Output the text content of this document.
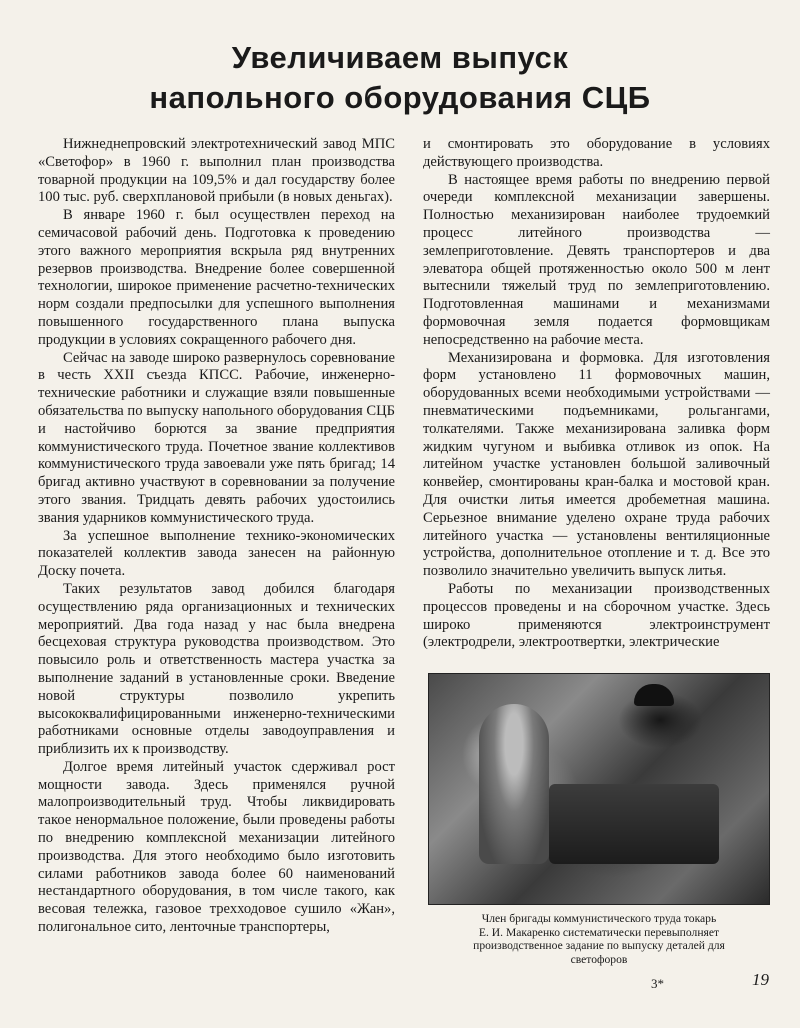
Увеличиваем выпуск
напольного оборудования СЦБ

Нижнеднепровский электротехнический завод МПС «Светофор» в 1960 г. выполнил план производства товарной продукции на 109,5% и дал государству более 100 тыс. руб. сверхплановой прибыли (в новых деньгах).

В январе 1960 г. был осуществлен переход на семичасовой рабочий день. Подготовка к проведению этого важного мероприятия вскрыла ряд внутренних резервов производства. Внедрение более совершенной технологии, широкое применение расчетно-технических норм создали предпосылки для успешного выполнения повышенного государственного плана выпуска продукции в условиях сокращенного рабочего дня.

Сейчас на заводе широко развернулось соревнование в честь XXII съезда КПСС. Рабочие, инженерно-технические работники и служащие взяли повышенные обязательства по выпуску напольного оборудования СЦБ и настойчиво борются за звание предприятия коммунистического труда. Почетное звание коллективов коммунистического труда завоевали уже пять бригад; 14 бригад активно участвуют в соревновании за получение этого звания. Тридцать девять рабочих удостоились звания ударников коммунистического труда.

За успешное выполнение технико-экономических показателей коллектив завода занесен на районную Доску почета.

Таких результатов завод добился благодаря осуществлению ряда организационных и технических мероприятий. Два года назад у нас была внедрена бесцеховая структура руководства производством. Это повысило роль и ответственность мастера участка за выполнение заданий в установленные сроки. Введение новой структуры позволило укрепить высококвалифицированными инженерно-техническими работниками основные отделы заводоуправления и приблизить их к производству.

Долгое время литейный участок сдерживал рост мощности завода. Здесь применялся ручной малопроизводительный труд. Чтобы ликвидировать такое ненормальное положение, были проведены работы по внедрению комплексной механизации литейного производства. Для этого необходимо было изготовить силами работников завода более 60 наименований нестандартного оборудования, в том числе такого, как весовая тележка, газовое трехходовое сушило «Жан», полигональное сито, ленточные транспортеры,

и смонтировать это оборудование в условиях действующего производства.

В настоящее время работы по внедрению первой очереди комплексной механизации завершены. Полностью механизирован наиболее трудоемкий процесс литейного производства — землеприготовление. Девять транспортеров и два элеватора общей протяженностью около 500 м лент вытеснили тяжелый труд по землеприготовлению. Подготовленная машинами и механизмами формовочная земля подается формовщикам непосредственно на рабочие места.

Механизирована и формовка. Для изготовления форм установлено 11 формовочных машин, оборудованных всеми необходимыми устройствами — пневматическими подъемниками, рольгангами, толкателями. Также механизирована заливка форм жидким чугуном и выбивка отливок из опок. На литейном участке установлен большой заливочный конвейер, смонтированы кран-балка и мостовой кран. Для очистки литья имеется дробеметная машина. Серьезное внимание уделено охране труда рабочих литейного участка — установлены вентиляционные устройства, дополнительное отопление и т. д. Все это позволило значительно увеличить выпуск литья.

Работы по механизации производственных процессов проведены и на сборочном участке. Здесь широко применяются электроинструмент (электродрели, электроотвертки, электрические

Член бригады коммунистического труда токарь
Е. И. Макаренко систематически перевыполняет
производственное задание по выпуску деталей для
светофоров
3*	19
